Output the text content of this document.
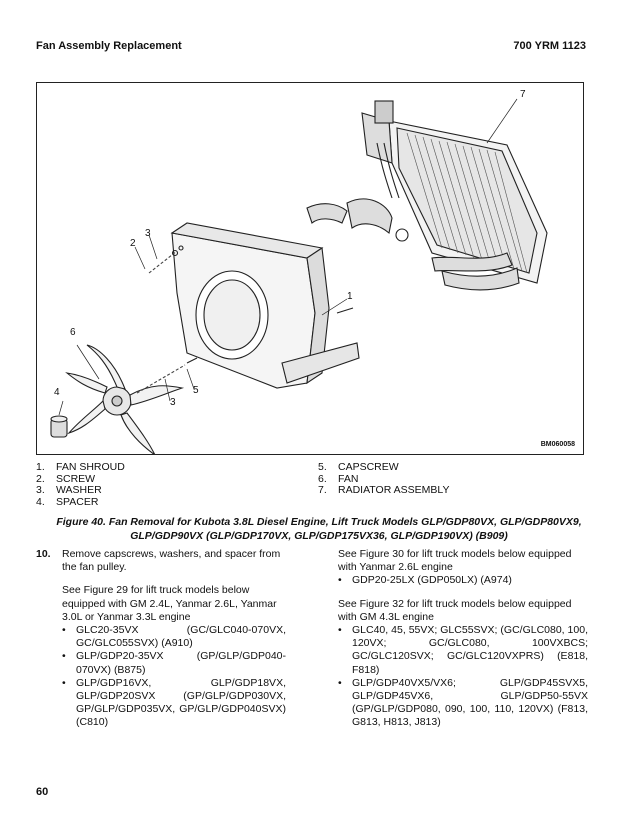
Fan Assembly Replacement	700 YRM 1123
7
1
2
3
6
4
3
5
BM060058
1.	FAN SHROUD
2.	SCREW
3.	WASHER
4.	SPACER
5.	CAPSCREW
6.	FAN
7.	RADIATOR ASSEMBLY
Figure 40. Fan Removal for Kubota 3.8L Diesel Engine, Lift Truck Models GLP/GDP80VX, GLP/GDP80VX9,
GLP/GDP90VX (GLP/GDP170VX, GLP/GDP175VX36, GLP/GDP190VX) (B909)
10.	Remove capscrews, washers, and spacer from the fan pulley.
See Figure 29 for lift truck models below equipped with GM 2.4L, Yanmar 2.6L, Yanmar 3.0L or Yanmar 3.3L engine
• GLC20-35VX (GC/GLC040-070VX, GC/GLC055SVX) (A910)
• GLP/GDP20-35VX (GP/GLP/GDP040-070VX) (B875)
• GLP/GDP16VX, GLP/GDP18VX, GLP/GDP20SVX (GP/GLP/GDP030VX, GP/GLP/GDP035VX, GP/GLP/GDP040SVX) (C810)
See Figure 30 for lift truck models below equipped with Yanmar 2.6L engine
• GDP20-25LX (GDP050LX) (A974)
See Figure 32 for lift truck models below equipped with GM 4.3L engine
• GLC40, 45, 55VX; GLC55SVX; (GC/GLC080, 100, 120VX; GC/GLC080, 100VXBCS; GC/GLC120SVX; GC/GLC120VXPRS) (E818, F818)
• GLP/GDP40VX5/VX6; GLP/GDP45SVX5, GLP/GDP45VX6, GLP/GDP50-55VX (GP/GLP/GDP080, 090, 100, 110, 120VX) (F813, G813, H813, J813)
60
